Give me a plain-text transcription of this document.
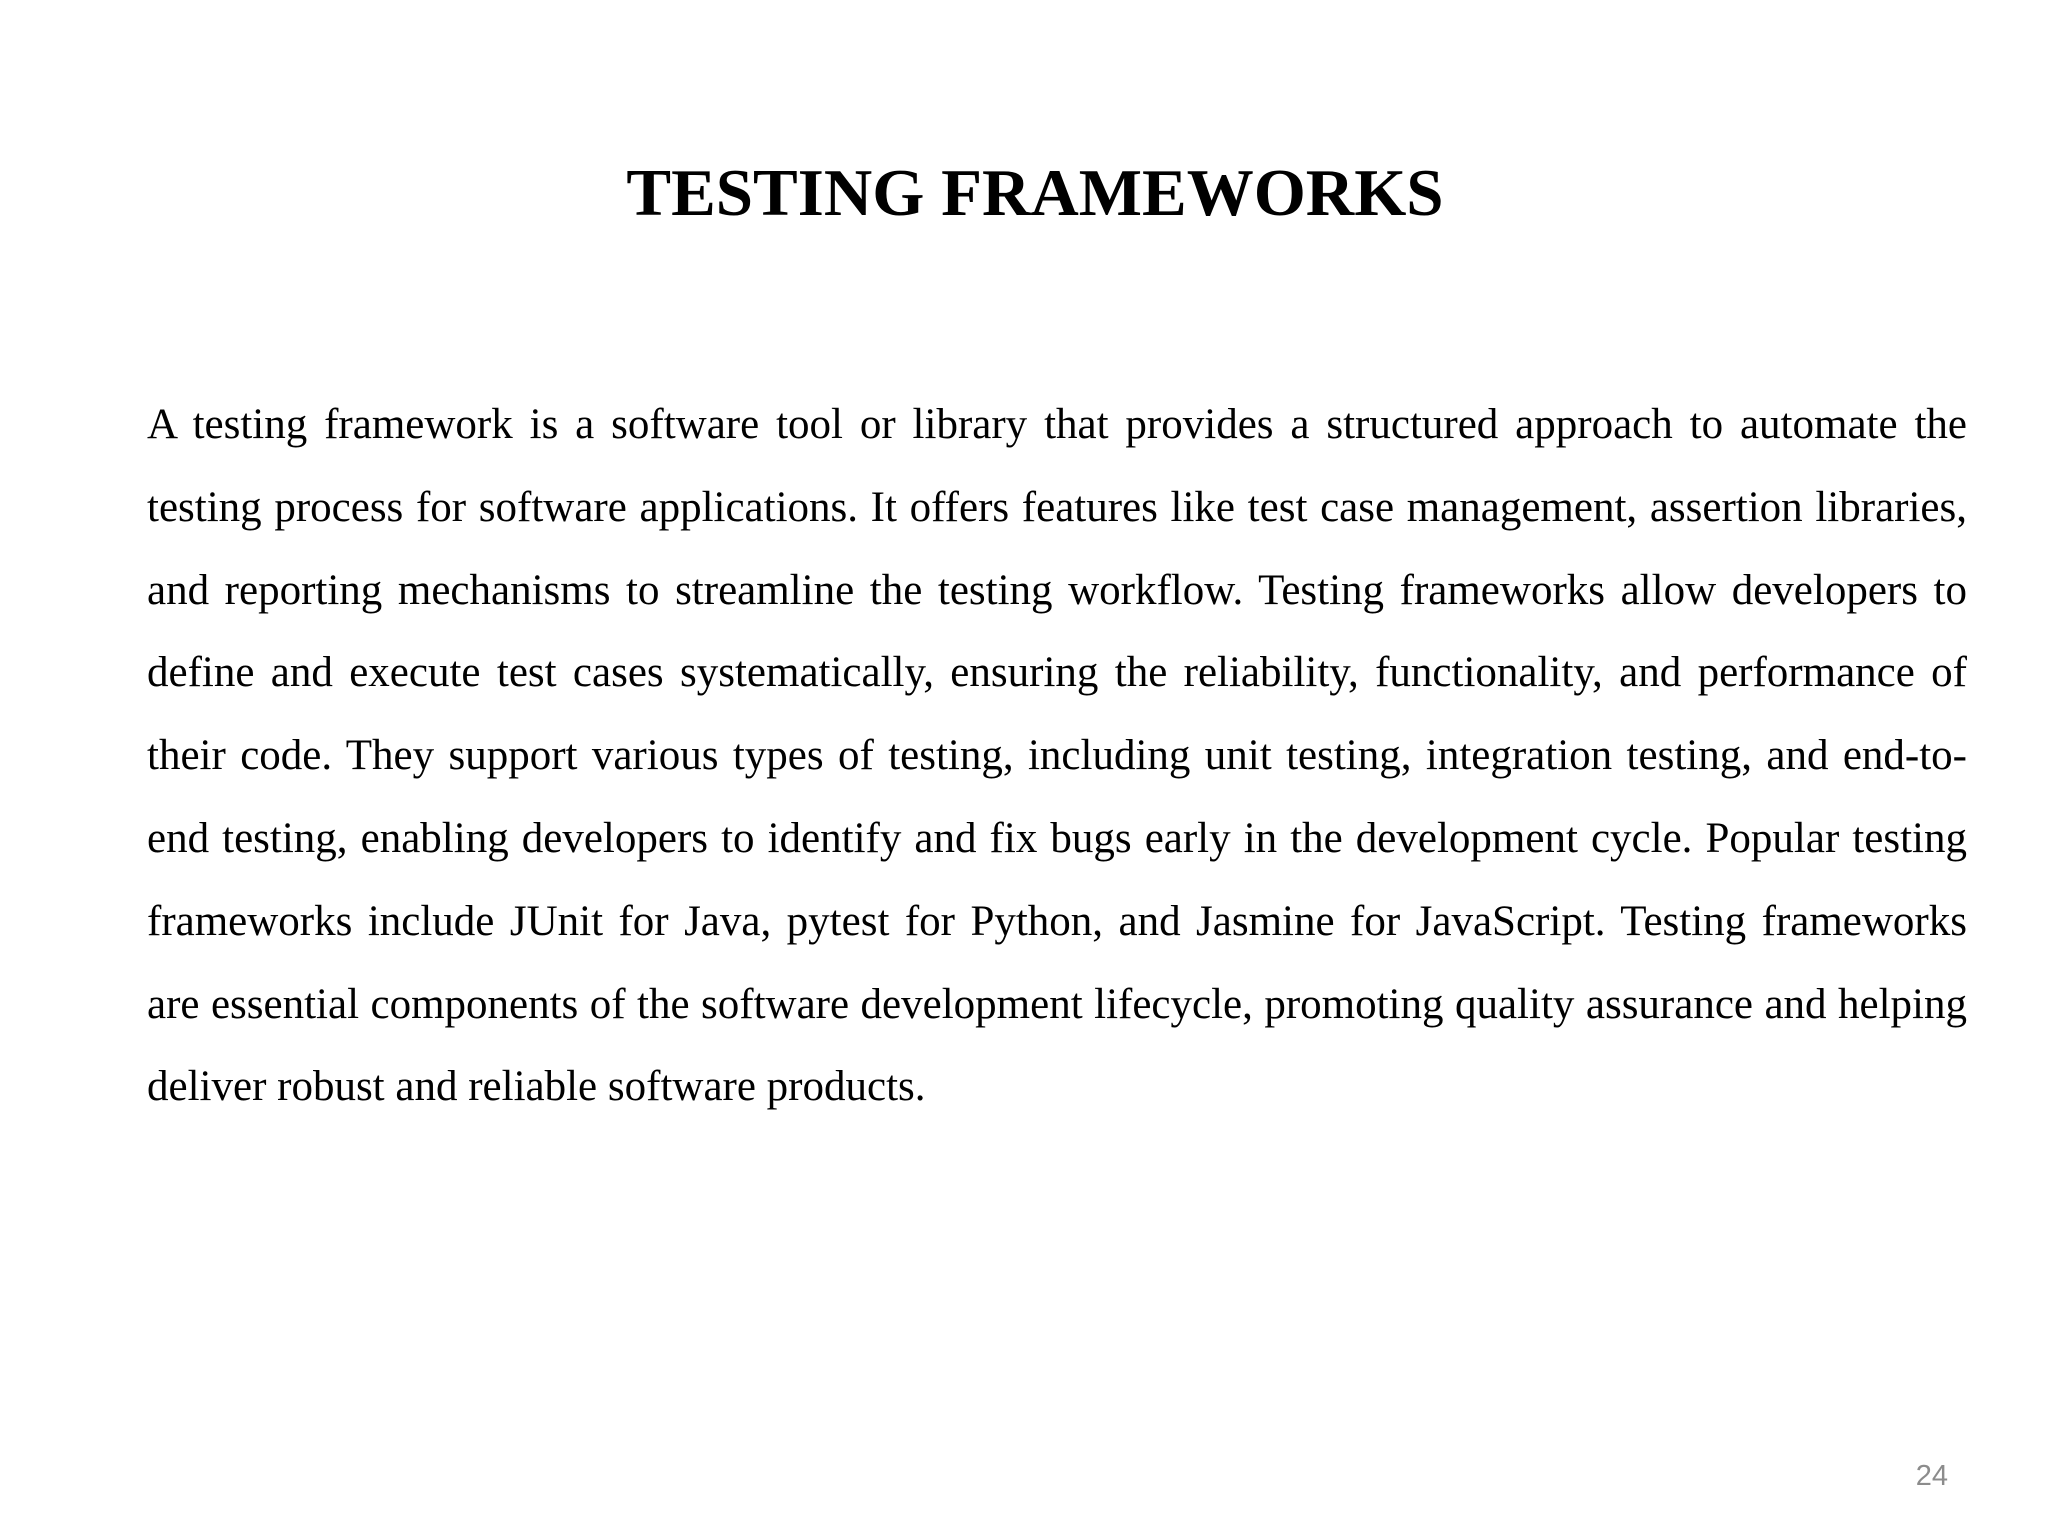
TESTING FRAMEWORKS

A testing framework is a software tool or library that provides a structured approach to automate the testing process for software applications. It offers features like test case management, assertion libraries, and reporting mechanisms to streamline the testing workflow. Testing frameworks allow developers to define and execute test cases systematically, ensuring the reliability, functionality, and performance of their code. They support various types of testing, including unit testing, integration testing, and end-to-end testing, enabling developers to identify and fix bugs early in the development cycle. Popular testing frameworks include JUnit for Java, pytest for Python, and Jasmine for JavaScript. Testing frameworks are essential components of the software development lifecycle, promoting quality assurance and helping deliver robust and reliable software products.

24
